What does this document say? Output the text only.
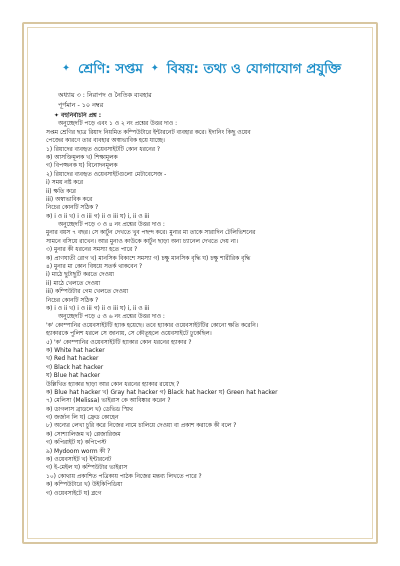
✦ শ্রেণি: সপ্তম ✦ বিষয়: তথ্য ও যোগাযোগ প্রযুক্তি
অধ্যায় ৩ : নিরাপদ ও নৈতিক ব্যবহার
পূর্ণমান - ১০ নম্বর
✦ বহুনির্বাচনি প্রশ্ন :
অনুচ্ছেদটি পড়ে এবং ১ ও ২ নং প্রশ্নের উত্তর দাও :
সপ্তম শ্রেণির ছাত্র রিয়াদ নিয়মিত কম্পিউটারে ইন্টারনেট ব্যবহার করে। ইদানিং কিছু ওয়েব
পেজের কারণে তার ব্যবহার অস্বাভাবিক হয়ে যাচ্ছে।
১) রিয়াদের ব্যবহৃত ওয়েবসাইটটি কোন ধরনের ?
ক) আসক্তিমূলক খ) শিক্ষামূলক
গ) বিপজ্জনক ঘ) বিনোদনমূলক
২) রিয়াদের ব্যবহৃত ওয়েবসাইটগুলো মেটাবেসেজ -
i) সময় নষ্ট করে
ii) ক্ষতি করে
iii) অস্বাভাবিক করে
নিচের কোনটি সঠিক ?
ক) i ও ii খ) i ও iii গ) ii ও iii ঘ) i, ii ও iii
অনুচ্ছেদটি পড়ে ৩ ও ৪ নং প্রশ্নের উত্তর দাও :
মুনার বয়স ৭ বছর। সে কার্টুন দেখতে খুব পছন্দ করে। মুনার মা তাকে সারাদিন টেলিভিশনের
সামনে বসিয়ে রাখেন। আর মুনাও কাউকে কার্টুন ছাড়া অন্য চ্যানেল দেখতে দেয় না।
৩) মুনার কী ধরনের সমস্যা হতে পারে ?
ক) প্রাণঘাতী রোগ খ) মানসিক বিকাশে সমস্যা গ) চক্ষু মানসিক বৃদ্ধি ঘ) চক্ষু শারীরিক বৃদ্ধি
৪) মুনার মা কোন বিষয়ে সতর্ক থাকবেন ?
i) মাঠে ছুটাছুটি করতে দেওয়া
ii) মাঠে খেলতে দেওয়া
iii) কম্পিউটার গেম খেলতে দেওয়া
নিচের কোনটি সঠিক ?
ক) i ও ii খ) i ও iii গ) ii ও iii ঘ) i, ii ও iii
অনুচ্ছেদটি পড়ে ৫ ও ৬ নং প্রশ্নের উত্তর দাও :
'ক' কোম্পানির ওয়েবসাইটটি হ্যাক হয়েছে। তবে হ্যাকার ওয়েবসাইটটির কোনো ক্ষতি করেনি।
হ্যাকারকে পুলিশ ধরলে সে জানায়, সে কৌতূহলে ওয়েবসাইটে ঢুকেছিল।
৫) 'ক' কোম্পানির ওয়েবসাইটটি হ্যাকার কোন ধরনের হ্যাকার ?
ক) White hat hacker
খ) Red hat hacker
গ) Black hat hacker
ঘ) Blue hat hacker
উল্লিখিত হ্যাকার ছাড়া আর কোন ধরনের হ্যাকার রয়েছে ?
ক) Blue hat hacker খ) Gray hat hacker গ) Black hat hacker ঘ) Green hat hacker
৭) মেলিসা (Melissa) ভাইরাস কে আবিষ্কার করেন ?
ক) ডাগলাস ব্রাডলে খ) ডেভিড স্মিথ
গ) জর্জান লি ঘ) ফ্রেড কোহেন
৮) অন্যের লেখা চুরি করে নিজের নামে চালিয়ে দেওয়া বা প্রকাশ করাকে কী বলে ?
ক) সোশ্যালিজম খ) প্লেজারিজম
গ) কপিরাইট ঘ) কপিপেস্ট
৯) Mydoom worm কী ?
ক) ওয়েবসাইট খ) ইন্টারনেট
গ) ই-মেইল ঘ) কম্পিউটার ভাইরাস
১০) কোথায় প্রকাশিত পত্রিকায় পাঠক নিজের মন্তব্য লিখতে পারে ?
ক) কম্পিউটারে খ) উইকিপিডিয়া
গ) ওয়েবসাইটে ঘ) ব্লগে
